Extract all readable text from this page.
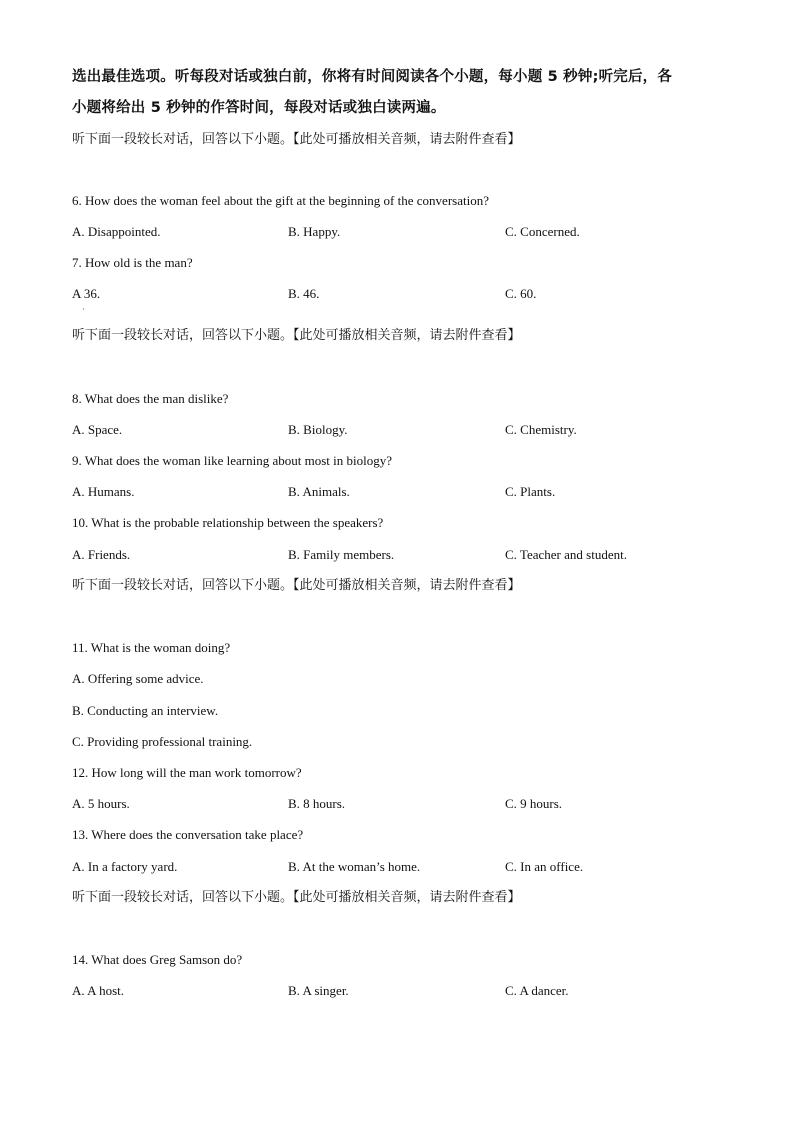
选出最佳选项。听每段对话或独白前，你将有时间阅读各个小题，每小题 5 秒钟;听完后，各
小题将给出 5 秒钟的作答时间，每段对话或独白读两遍。
听下面一段较长对话，回答以下小题。【此处可播放相关音频，请去附件查看】
6. How does the woman feel about the gift at the beginning of the conversation?
A. Disappointed.	B. Happy.	C. Concerned.
7. How old is the man?
A 36.	B. 46.	C. 60.
·
听下面一段较长对话，回答以下小题。【此处可播放相关音频，请去附件查看】
8. What does the man dislike?
A. Space.	B. Biology.	C. Chemistry.
9. What does the woman like learning about most in biology?
A. Humans.	B. Animals.	C. Plants.
10. What is the probable relationship between the speakers?
A. Friends.	B. Family members.	C. Teacher and student.
听下面一段较长对话，回答以下小题。【此处可播放相关音频，请去附件查看】
11. What is the woman doing?
A. Offering some advice.
B. Conducting an interview.
C. Providing professional training.
12. How long will the man work tomorrow?
A. 5 hours.	B. 8 hours.	C. 9 hours.
13. Where does the conversation take place?
A. In a factory yard.	B. At the woman’s home.	C. In an office.
听下面一段较长对话，回答以下小题。【此处可播放相关音频，请去附件查看】
14. What does Greg Samson do?
A. A host.	B. A singer.	C. A dancer.
